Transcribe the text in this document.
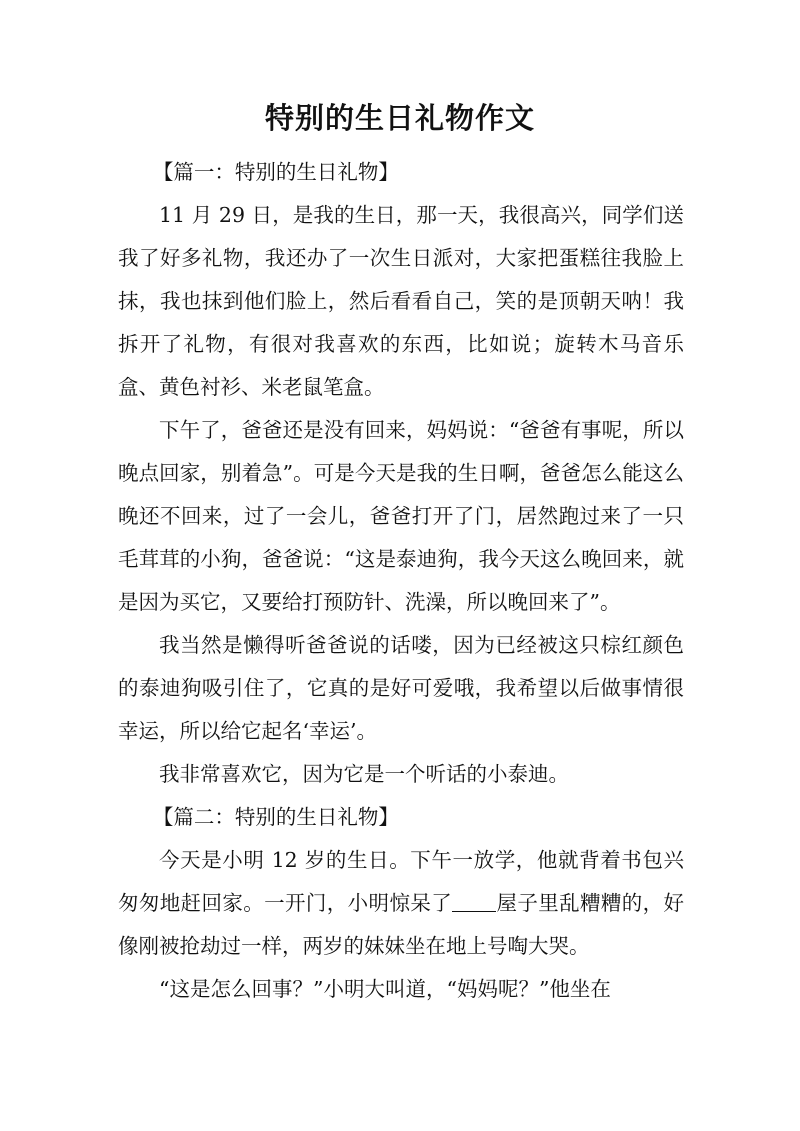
特别的生日礼物作文

【篇一：特别的生日礼物】

11 月 29 日，是我的生日，那一天，我很高兴，同学们送我了好多礼物，我还办了一次生日派对，大家把蛋糕往我脸上抹，我也抹到他们脸上，然后看看自己，笑的是顶朝天呐！我拆开了礼物，有很对我喜欢的东西，比如说；旋转木马音乐盒、黄色衬衫、米老鼠笔盒。

下午了，爸爸还是没有回来，妈妈说：“爸爸有事呢，所以晚点回家，别着急”。可是今天是我的生日啊，爸爸怎么能这么晚还不回来，过了一会儿，爸爸打开了门，居然跑过来了一只毛茸茸的小狗，爸爸说：“这是泰迪狗，我今天这么晚回来，就是因为买它，又要给打预防针、洗澡，所以晚回来了”。

我当然是懒得听爸爸说的话喽，因为已经被这只棕红颜色的泰迪狗吸引住了，它真的是好可爱哦，我希望以后做事情很幸运，所以给它起名‘幸运’。

我非常喜欢它，因为它是一个听话的小泰迪。

【篇二：特别的生日礼物】

今天是小明 12 岁的生日。下午一放学，他就背着书包兴匆匆地赶回家。一开门，小明惊呆了 屋子里乱糟糟的，好像刚被抢劫过一样，两岁的妹妹坐在地上号啕大哭。

“这是怎么回事？”小明大叫道，“妈妈呢？”他坐在
